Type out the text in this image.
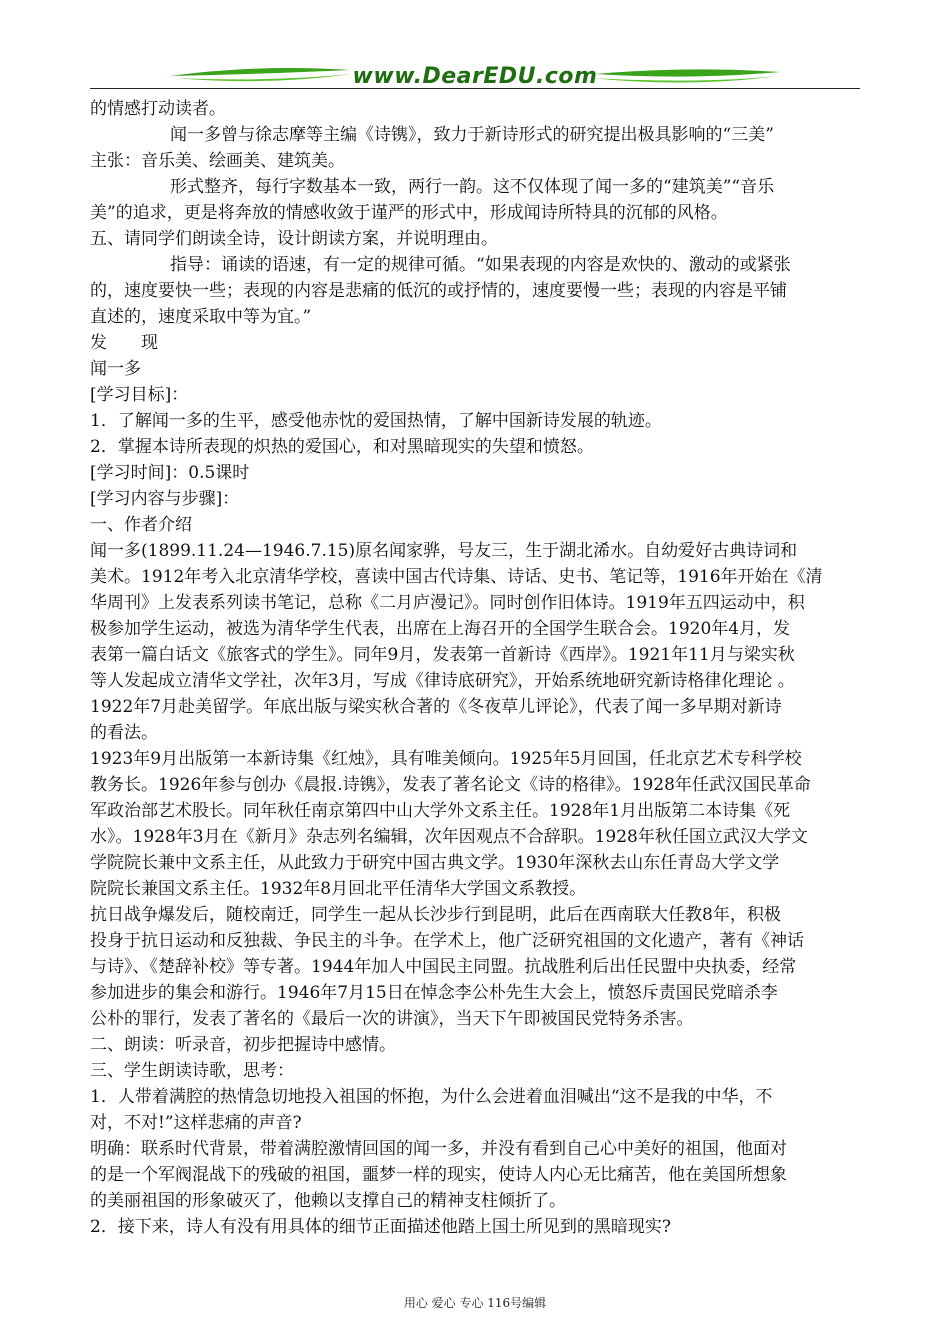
www.DearEDU.com
的情感打动读者。
闻一多曾与徐志摩等主编《诗镌》，致力于新诗形式的研究提出极具影响的“三美”
主张：音乐美、绘画美、建筑美。
形式整齐，每行字数基本一致，两行一韵。这不仅体现了闻一多的“建筑美”“音乐
美”的追求，更是将奔放的情感收敛于谨严的形式中，形成闻诗所特具的沉郁的风格。
五、请同学们朗读全诗，设计朗读方案，并说明理由。
指导：诵读的语速，有一定的规律可循。“如果表现的内容是欢快的、激动的或紧张
的，速度要快一些；表现的内容是悲痛的低沉的或抒情的，速度要慢一些；表现的内容是平铺
直述的，速度采取中等为宜。”
发　　现
闻一多
[学习目标]：
1．了解闻一多的生平，感受他赤忱的爱国热情，了解中国新诗发展的轨迹。
2．掌握本诗所表现的炽热的爱国心，和对黑暗现实的失望和愤怒。
[学习时间]：0.5课时
[学习内容与步骤]：
一、作者介绍
闻一多(1899.11.24—1946.7.15)原名闻家骅，号友三，生于湖北浠水。自幼爱好古典诗词和
美术。1912年考入北京清华学校，喜读中国古代诗集、诗话、史书、笔记等，1916年开始在《清
华周刊》上发表系列读书笔记，总称《二月庐漫记》。同时创作旧体诗。1919年五四运动中，积
极参加学生运动，被选为清华学生代表，出席在上海召开的全国学生联合会。1920年4月，发
表第一篇白话文《旅客式的学生》。同年9月，发表第一首新诗《西岸》。1921年11月与梁实秋
等人发起成立清华文学社，次年3月，写成《律诗底研究》，开始系统地研究新诗格律化理论 。
1922年7月赴美留学。年底出版与梁实秋合著的《冬夜草儿评论》，代表了闻一多早期对新诗
的看法。
1923年9月出版第一本新诗集《红烛》，具有唯美倾向。1925年5月回国，任北京艺术专科学校
教务长。1926年参与创办《晨报.诗镌》，发表了著名论文《诗的格律》。1928年任武汉国民革命
军政治部艺术股长。同年秋任南京第四中山大学外文系主任。1928年1月出版第二本诗集《死
水》。1928年3月在《新月》杂志列名编辑，次年因观点不合辞职。1928年秋任国立武汉大学文
学院院长兼中文系主任，从此致力于研究中国古典文学。1930年深秋去山东任青岛大学文学
院院长兼国文系主任。1932年8月回北平任清华大学国文系教授。
抗日战争爆发后，随校南迁，同学生一起从长沙步行到昆明，此后在西南联大任教8年，积极
投身于抗日运动和反独裁、争民主的斗争。在学术上，他广泛研究祖国的文化遗产，著有《神话
与诗》、《楚辞补校》等专著。1944年加人中国民主同盟。抗战胜利后出任民盟中央执委，经常
参加进步的集会和游行。1946年7月15日在悼念李公朴先生大会上，愤怒斥责国民党暗杀李
公朴的罪行，发表了著名的《最后一次的讲演》，当天下午即被国民党特务杀害。
二、朗读：听录音，初步把握诗中感情。
三、学生朗读诗歌，思考：
1．人带着满腔的热情急切地投入祖国的怀抱，为什么会进着血泪喊出“这不是我的中华，不
对，不对!”这样悲痛的声音?
明确：联系时代背景，带着满腔激情回国的闻一多，并没有看到自己心中美好的祖国，他面对
的是一个军阀混战下的残破的祖国，噩梦一样的现实，使诗人内心无比痛苦，他在美国所想象
的美丽祖国的形象破灭了，他赖以支撑自己的精神支柱倾折了。
2．接下来，诗人有没有用具体的细节正面描述他踏上国土所见到的黑暗现实?
用心 爱心 专心 116号编辑
